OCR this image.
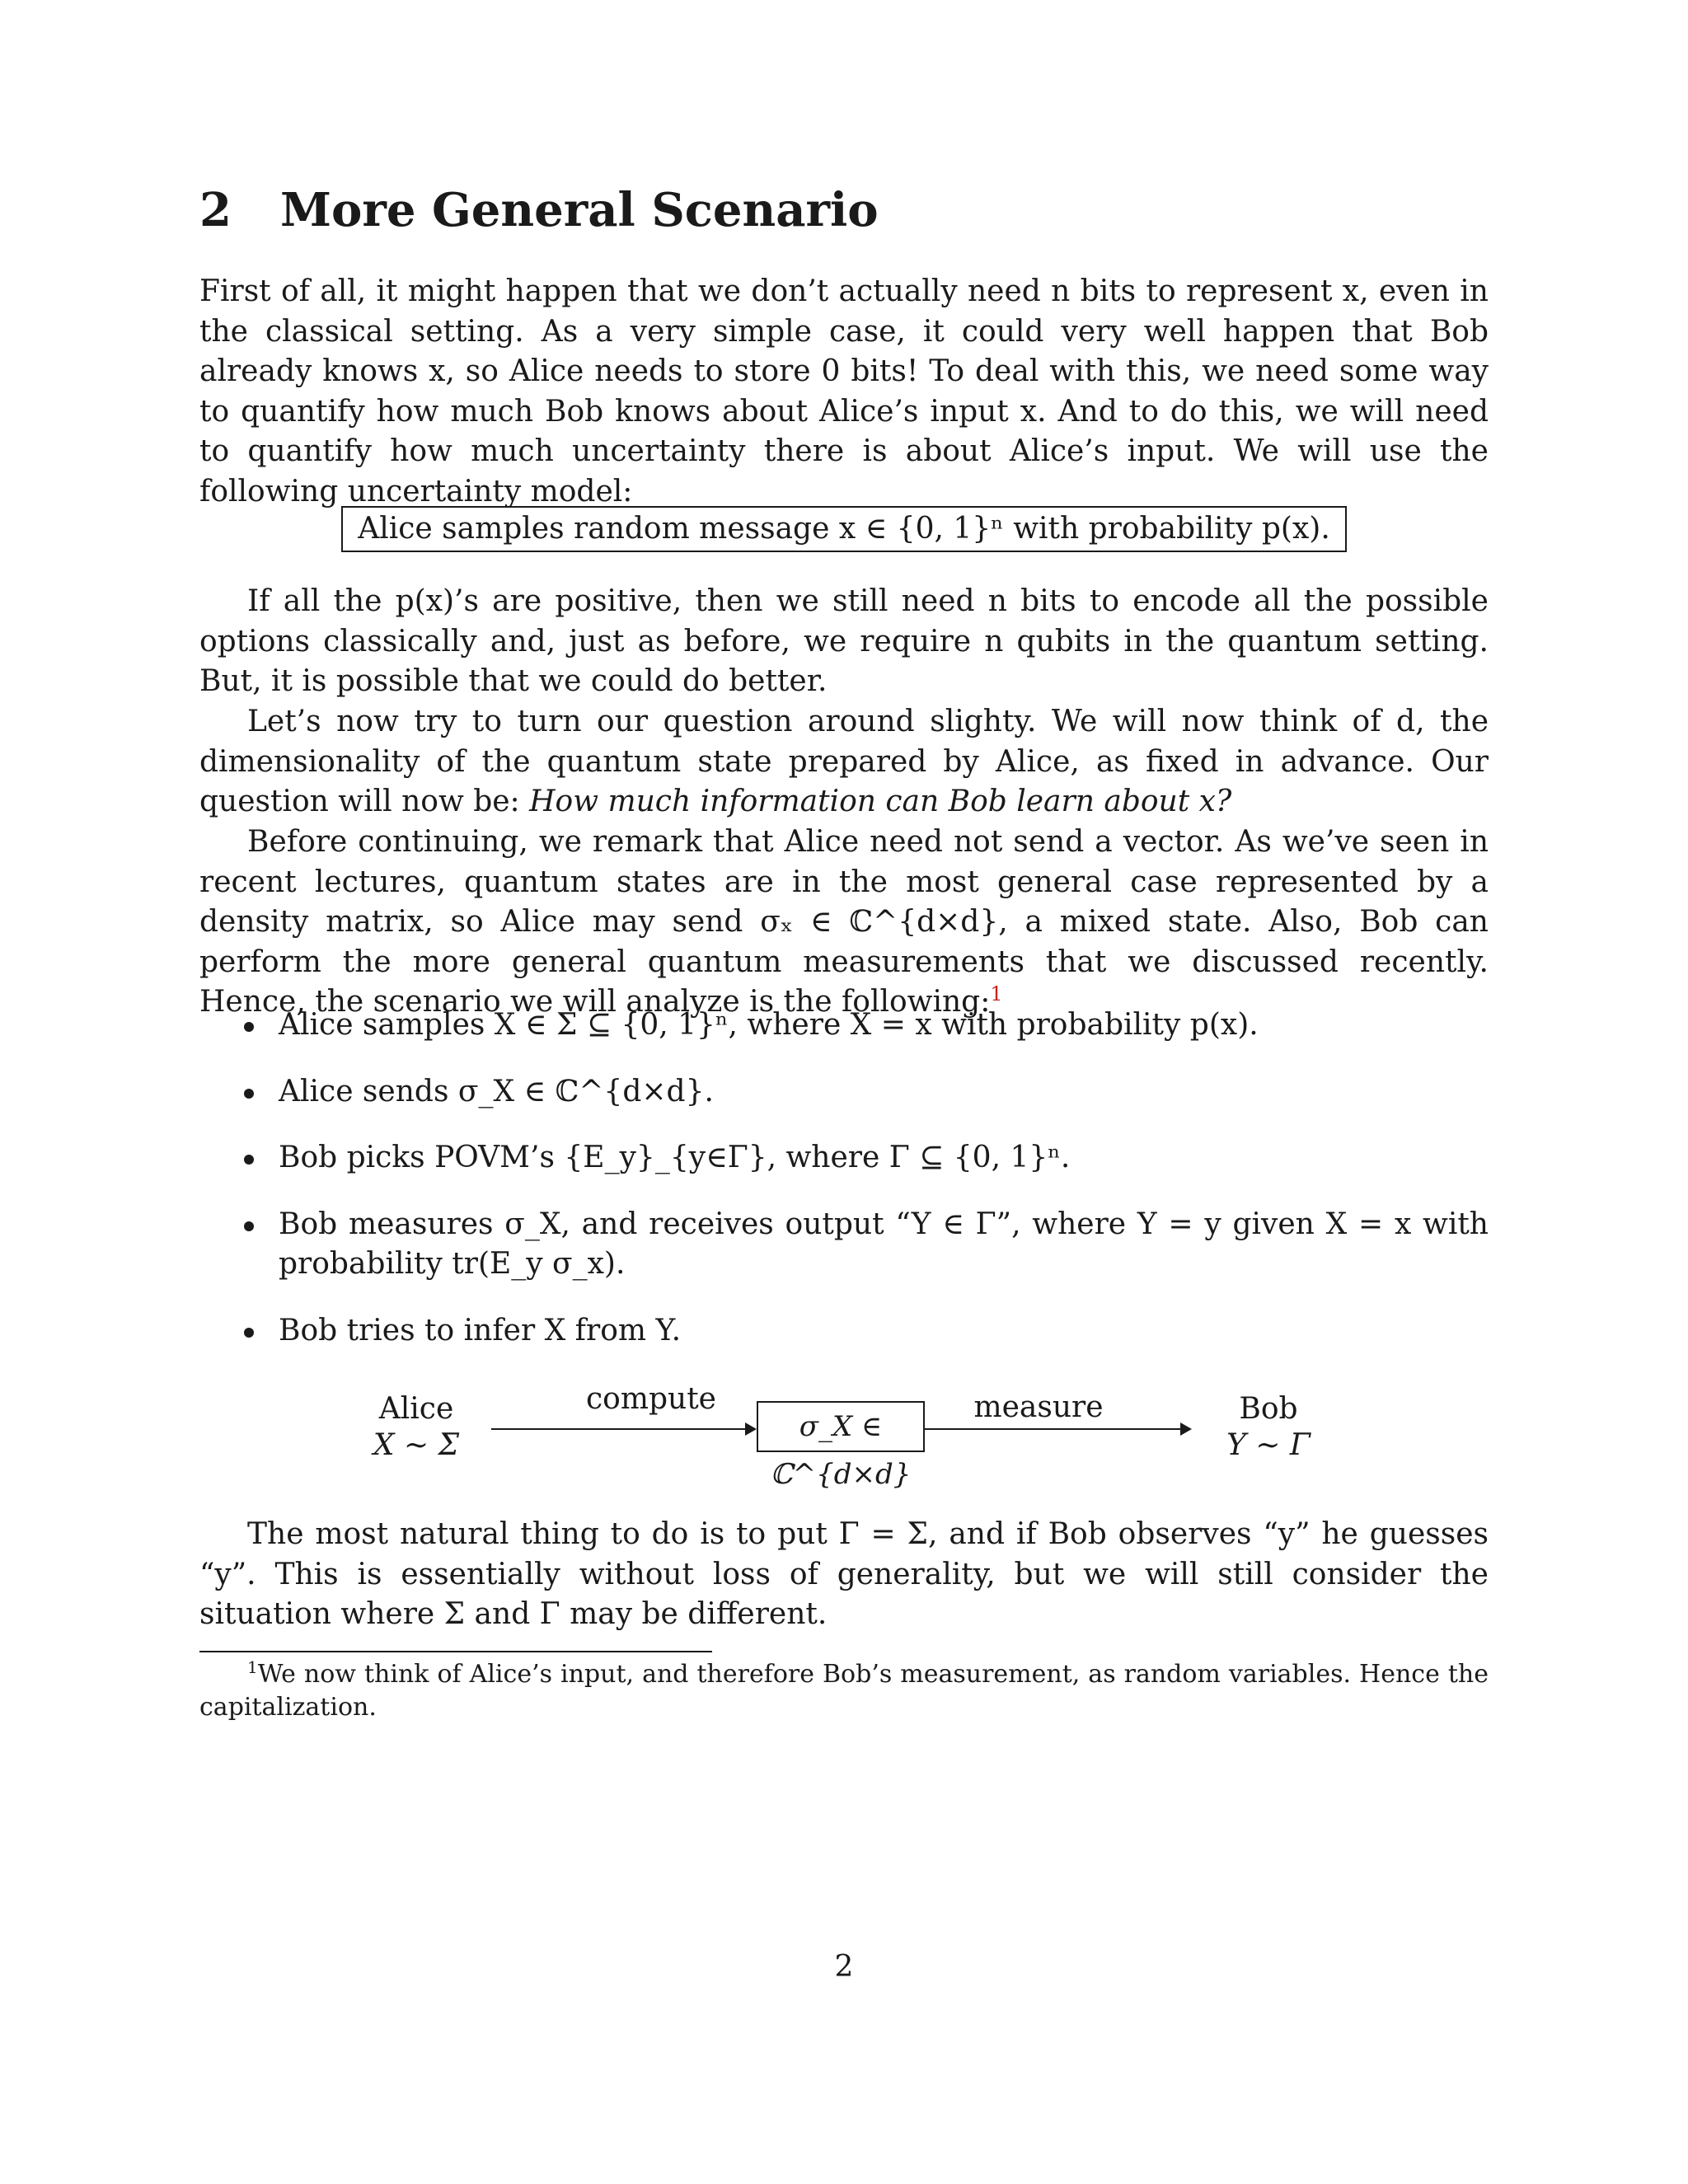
2 More General Scenario

First of all, it might happen that we don’t actually need n bits to represent x, even in the classical setting. As a very simple case, it could very well happen that Bob already knows x, so Alice needs to store 0 bits! To deal with this, we need some way to quantify how much Bob knows about Alice’s input x. And to do this, we will need to quantify how much uncertainty there is about Alice’s input. We will use the following uncertainty model:

Alice samples random message x ∈ {0, 1}ⁿ with probability p(x).

If all the p(x)’s are positive, then we still need n bits to encode all the possible options classically and, just as before, we require n qubits in the quantum setting. But, it is possible that we could do better.

Let’s now try to turn our question around slighty. We will now think of d, the dimensionality of the quantum state prepared by Alice, as fixed in advance. Our question will now be: How much information can Bob learn about x?

Before continuing, we remark that Alice need not send a vector. As we’ve seen in recent lectures, quantum states are in the most general case represented by a density matrix, so Alice may send σₓ ∈ ℂ^{d×d}, a mixed state. Also, Bob can perform the more general quantum measurements that we discussed recently. Hence, the scenario we will analyze is the following:$^1$

Alice samples X ∈ Σ ⊆ {0, 1}ⁿ, where X = x with probability p(x).
Alice sends σ_X ∈ ℂ^{d×d}.
Bob picks POVM’s {E_y}_{y∈Γ}, where Γ ⊆ {0, 1}ⁿ.
Bob measures σ_X, and receives output “Y ∈ Γ”, where Y = y given X = x with probability tr(E_y σ_x).
Bob tries to infer X from Y.
Alice
X ∼ Σ
compute
σ_X ∈ ℂ^{d×d}
measure	Bob
Y ∼ Γ

The most natural thing to do is to put Γ = Σ, and if Bob observes “y” he guesses “y”. This is essentially without loss of generality, but we will still consider the situation where Σ and Γ may be different.

$^1$We now think of Alice’s input, and therefore Bob’s measurement, as random variables. Hence the capitalization.

2
